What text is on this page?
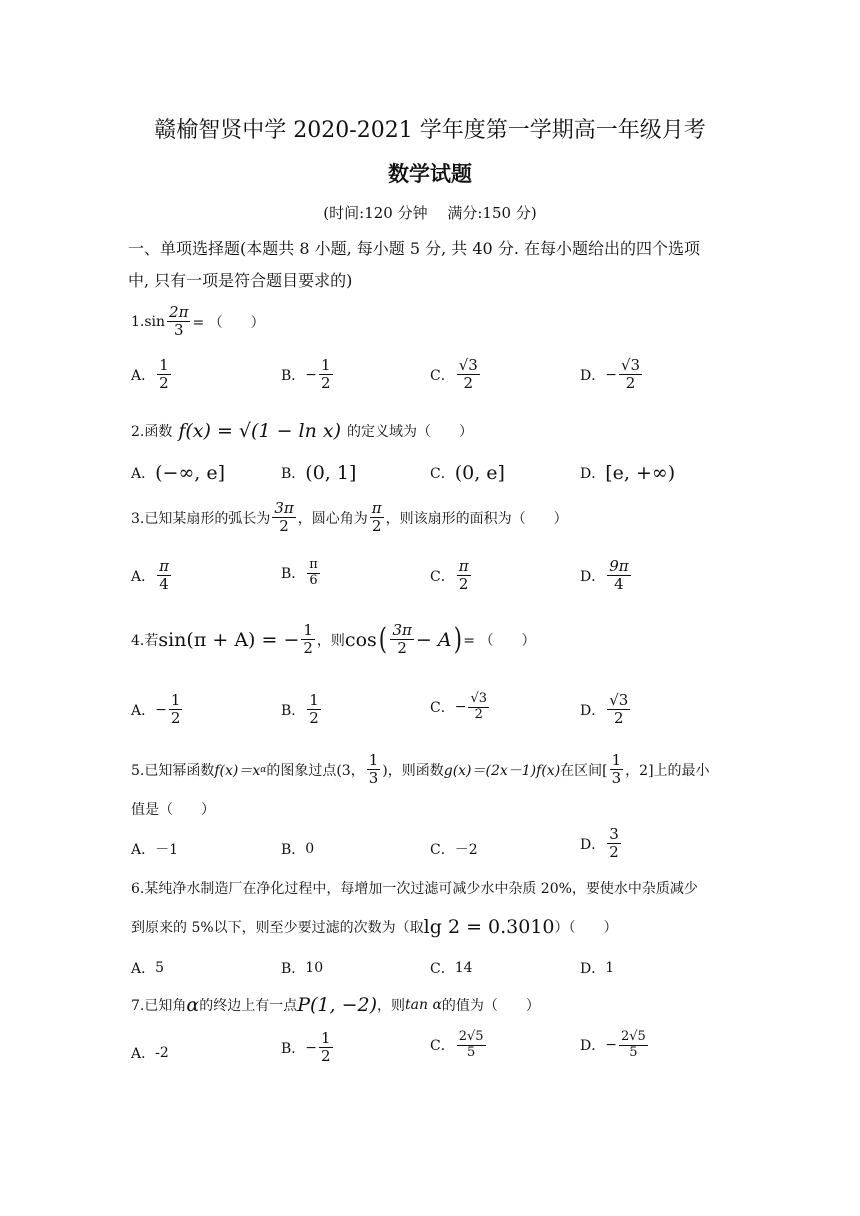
赣榆智贤中学 2020-2021 学年度第一学期高一年级月考
数学试题
(时间:120 分钟　 满分:150 分)
一、单项选择题(本题共 8 小题, 每小题 5 分, 共 40 分. 在每小题给出的四个选项
中, 只有一项是符合题目要求的)
1. $\sin \frac{2\pi}{3}$ = （　　）
A． $\frac{1}{2}$	B． − $\frac{1}{2}$	C． $\frac{√3}{2}$	D． − $\frac{√3}{2}$
2.函数 f(x) = √(1 − ln x) 的定义域为（　　）
A． (−∞, e]	B． (0, 1]	C． (0, e]	D． [e, +∞)
3.已知某扇形的弧长为 $\frac{3\pi}{2}$ ，圆心角为 $\frac{\pi}{2}$ ，则该扇形的面积为（　　）
A． $\frac{\pi}{4}$	B． $\frac{\pi}{6}$	C． $\frac{\pi}{2}$	D． $\frac{9\pi}{4}$
4.若 sin(π + A) = − $\frac{1}{2}$ ，则 cos ( $\frac{3\pi}{2} - A$ ) = （　　）
A． − $\frac{1}{2}$	B． $\frac{1}{2}$	C． − $\frac{√3}{2}$	D． $\frac{√3}{2}$
5.已知幂函数 f(x)＝x α 的图象过点(3， $\frac{1}{3}$ )，则函数 g(x)＝(2x－1)f(x) 在区间[ $\frac{1}{3}$ ，2]上的最小
值是（　　）
A． －1	B． 0	C． －2	D． $\frac{3}{2}$
6.某纯净水制造厂在净化过程中，每增加一次过滤可减少水中杂质 20%，要使水中杂质减少
到原来的 5%以下，则至少要过滤的次数为（取 lg 2 = 0.3010 ）（　　）
A． 5	B． 10	C． 14	D． 1
7.已知角 α 的终边上有一点 P(1, −2) ，则 tan α 的值为（　　）
A． -2	B． − $\frac{1}{2}$	C． $\frac{2√5}{5}$	D． − $\frac{2√5}{5}$
